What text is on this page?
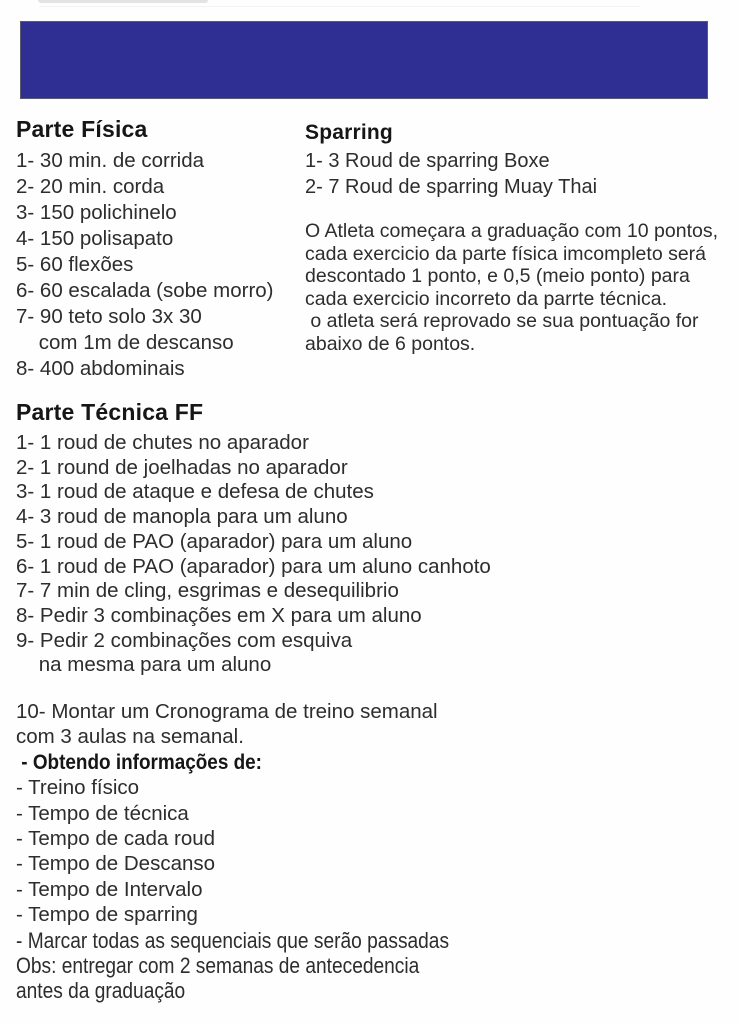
Parte Física
1- 30 min. de corrida
2- 20 min. corda
3- 150 polichinelo
4- 150 polisapato
5- 60 flexões
6- 60 escalada (sobe morro)
7- 90 teto solo 3x 30
com 1m de descanso
8- 400 abdominais
Sparring
1- 3 Roud de sparring Boxe
2- 7 Roud de sparring Muay Thai
O Atleta começara a graduação com 10 pontos,
cada exercicio da parte física imcompleto será
descontado 1 ponto, e 0,5 (meio ponto) para
cada exercicio incorreto da parrte técnica.
o atleta será reprovado se sua pontuação for
abaixo de 6 pontos.
Parte Técnica FF
1- 1 roud de chutes no aparador
2- 1 round de joelhadas no aparador
3- 1 roud de ataque e defesa de chutes
4- 3 roud de manopla para um aluno
5- 1 roud de PAO (aparador) para um aluno
6- 1 roud de PAO (aparador) para um aluno canhoto
7- 7 min de cling, esgrimas e desequilibrio
8- Pedir 3 combinações em X para um aluno
9- Pedir 2 combinações com esquiva
na mesma para um aluno
10- Montar um Cronograma de treino semanal
com 3 aulas na semanal.
- Obtendo informações de:
- Treino físico
- Tempo de técnica
- Tempo de cada roud
- Tempo de Descanso
- Tempo de Intervalo
- Tempo de sparring
- Marcar todas as sequenciais que serão passadas
Obs: entregar com 2 semanas de antecedencia
antes da graduação
